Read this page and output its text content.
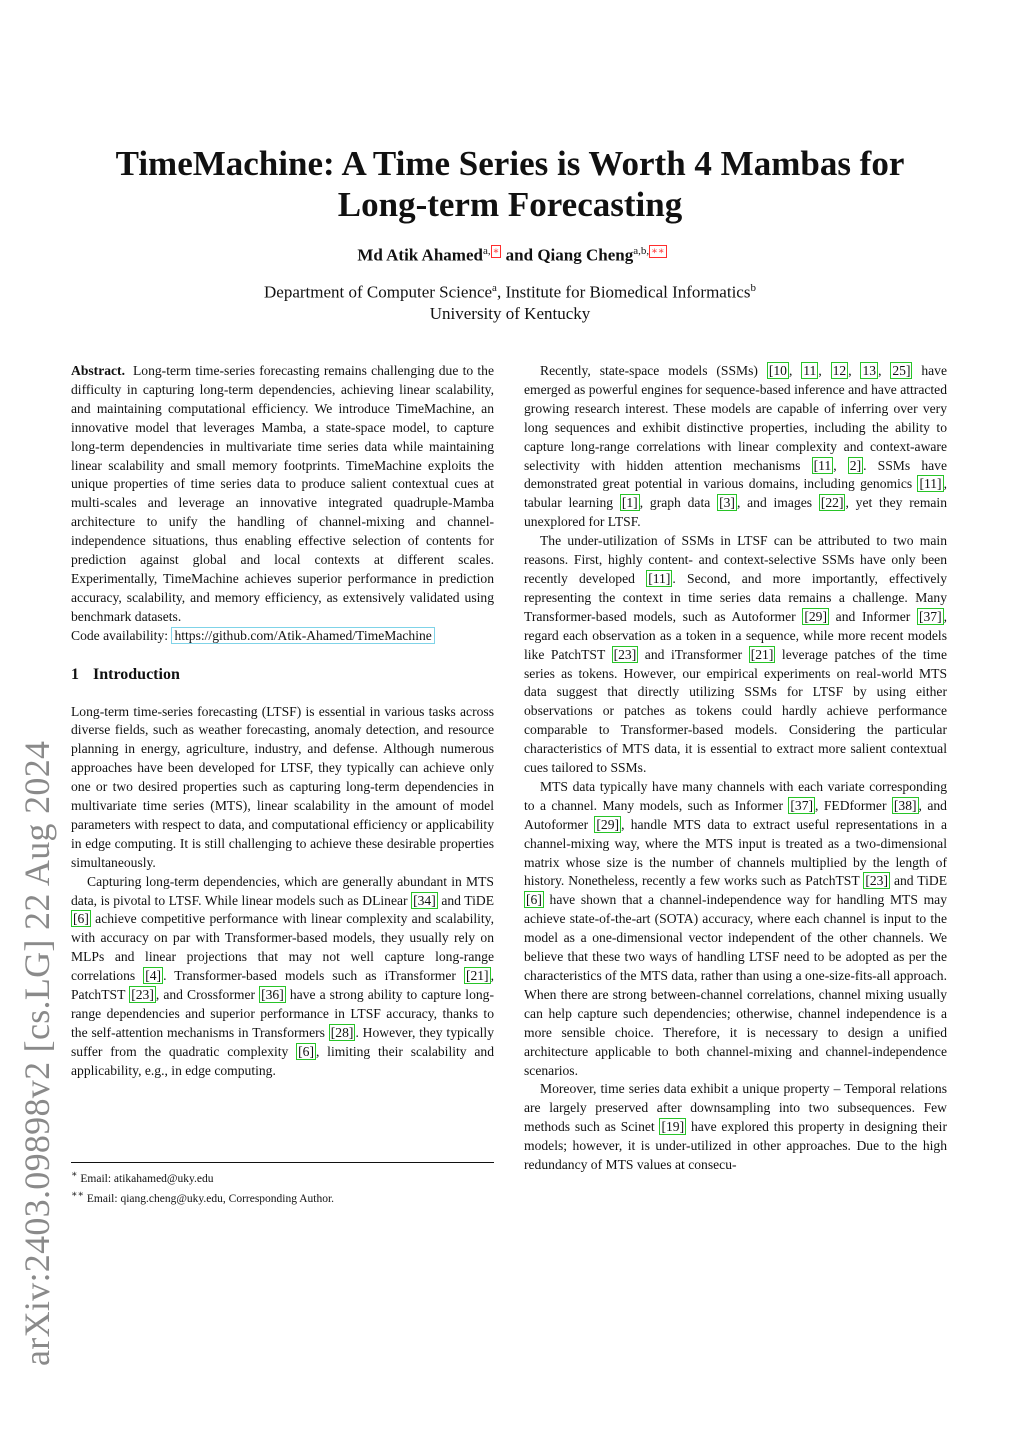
arXiv:2403.09898v2 [cs.LG] 22 Aug 2024
TimeMachine: A Time Series is Worth 4 Mambas for Long-term Forecasting
Md Atik Ahamed$^{a,}$ ∗ and Qiang Cheng$^{a,b,}$ ∗∗
Department of Computer Science$^a$, Institute for Biomedical Informatics$^b$
University of Kentucky

Abstract. Long-term time-series forecasting remains challenging due to the difficulty in capturing long-term dependencies, achieving linear scalability, and maintaining computational efficiency. We introduce TimeMachine, an innovative model that leverages Mamba, a state-space model, to capture long-term dependencies in multivariate time series data while maintaining linear scalability and small memory footprints. TimeMachine exploits the unique properties of time series data to produce salient contextual cues at multi-scales and leverage an innovative integrated quadruple-Mamba architecture to unify the handling of channel-mixing and channel-independence situations, thus enabling effective selection of contents for prediction against global and local contexts at different scales. Experimentally, TimeMachine achieves superior performance in prediction accuracy, scalability, and memory efficiency, as extensively validated using benchmark datasets.

Code availability: https://github.com/Atik-Ahamed/TimeMachine

1 Introduction

Long-term time-series forecasting (LTSF) is essential in various tasks across diverse fields, such as weather forecasting, anomaly detection, and resource planning in energy, agriculture, industry, and defense. Although numerous approaches have been developed for LTSF, they typically can achieve only one or two desired properties such as capturing long-term dependencies in multivariate time series (MTS), linear scalability in the amount of model parameters with respect to data, and computational efficiency or applicability in edge computing. It is still challenging to achieve these desirable properties simultaneously.

Capturing long-term dependencies, which are generally abundant in MTS data, is pivotal to LTSF. While linear models such as DLinear [34] and TiDE [6] achieve competitive performance with linear complexity and scalability, with accuracy on par with Transformer-based models, they usually rely on MLPs and linear projections that may not well capture long-range correlations [4] . Transformer-based models such as iTransformer [21] , PatchTST [23] , and Crossformer [36] have a strong ability to capture long-range dependencies and superior performance in LTSF accuracy, thanks to the self-attention mechanisms in Transformers [28] . However, they typically suffer from the quadratic complexity [6] , limiting their scalability and applicability, e.g., in edge computing.

∗ Email: atikahamed@uky.edu
∗∗ Email: qiang.cheng@uky.edu, Corresponding Author.

Recently, state-space models (SSMs) [10 , 11 , 12 , 13 , 25] have emerged as powerful engines for sequence-based inference and have attracted growing research interest. These models are capable of inferring over very long sequences and exhibit distinctive properties, including the ability to capture long-range correlations with linear complexity and context-aware selectivity with hidden attention mechanisms [11 , 2] . SSMs have demonstrated great potential in various domains, including genomics [11] , tabular learning [1] , graph data [3] , and images [22] , yet they remain unexplored for LTSF.

The under-utilization of SSMs in LTSF can be attributed to two main reasons. First, highly content- and context-selective SSMs have only been recently developed [11] . Second, and more importantly, effectively representing the context in time series data remains a challenge. Many Transformer-based models, such as Autoformer [29] and Informer [37] , regard each observation as a token in a sequence, while more recent models like PatchTST [23] and iTransformer [21] leverage patches of the time series as tokens. However, our empirical experiments on real-world MTS data suggest that directly utilizing SSMs for LTSF by using either observations or patches as tokens could hardly achieve performance comparable to Transformer-based models. Considering the particular characteristics of MTS data, it is essential to extract more salient contextual cues tailored to SSMs.

MTS data typically have many channels with each variate corresponding to a channel. Many models, such as Informer [37] , FEDformer [38] , and Autoformer [29] , handle MTS data to extract useful representations in a channel-mixing way, where the MTS input is treated as a two-dimensional matrix whose size is the number of channels multiplied by the length of history. Nonetheless, recently a few works such as PatchTST [23] and TiDE [6] have shown that a channel-independence way for handling MTS may achieve state-of-the-art (SOTA) accuracy, where each channel is input to the model as a one-dimensional vector independent of the other channels. We believe that these two ways of handling LTSF need to be adopted as per the characteristics of the MTS data, rather than using a one-size-fits-all approach. When there are strong between-channel correlations, channel mixing usually can help capture such dependencies; otherwise, channel independence is a more sensible choice. Therefore, it is necessary to design a unified architecture applicable to both channel-mixing and channel-independence scenarios.

Moreover, time series data exhibit a unique property – Temporal relations are largely preserved after downsampling into two subsequences. Few methods such as Scinet [19] have explored this property in designing their models; however, it is under-utilized in other approaches. Due to the high redundancy of MTS values at consecu-
